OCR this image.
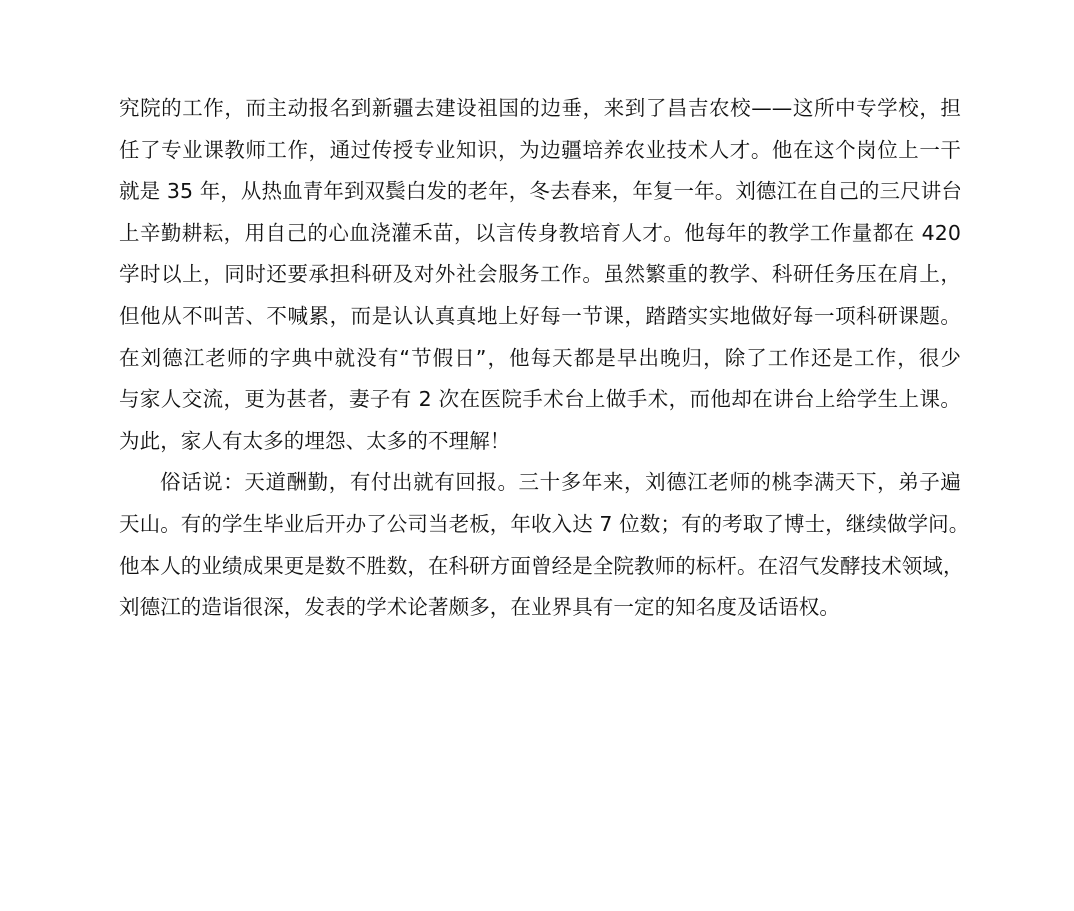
究院的工作，而主动报名到新疆去建设祖国的边垂，来到了昌吉农校——这所中专学校，担
任了专业课教师工作，通过传授专业知识，为边疆培养农业技术人才。他在这个岗位上一干
就是 35 年，从热血青年到双鬓白发的老年，冬去春来，年复一年。刘德江在自己的三尺讲台
上辛勤耕耘，用自己的心血浇灌禾苗，以言传身教培育人才。他每年的教学工作量都在 420
学时以上，同时还要承担科研及对外社会服务工作。虽然繁重的教学、科研任务压在肩上，
但他从不叫苦、不喊累，而是认认真真地上好每一节课，踏踏实实地做好每一项科研课题。
在刘德江老师的字典中就没有“节假日”，他每天都是早出晚归，除了工作还是工作，很少
与家人交流，更为甚者，妻子有 2 次在医院手术台上做手术，而他却在讲台上给学生上课。
为此，家人有太多的埋怨、太多的不理解！
俗话说：天道酬勤，有付出就有回报。三十多年来，刘德江老师的桃李满天下，弟子遍
天山。有的学生毕业后开办了公司当老板，年收入达 7 位数；有的考取了博士，继续做学问。
他本人的业绩成果更是数不胜数，在科研方面曾经是全院教师的标杆。在沼气发酵技术领域，
刘德江的造诣很深，发表的学术论著颇多，在业界具有一定的知名度及话语权。
